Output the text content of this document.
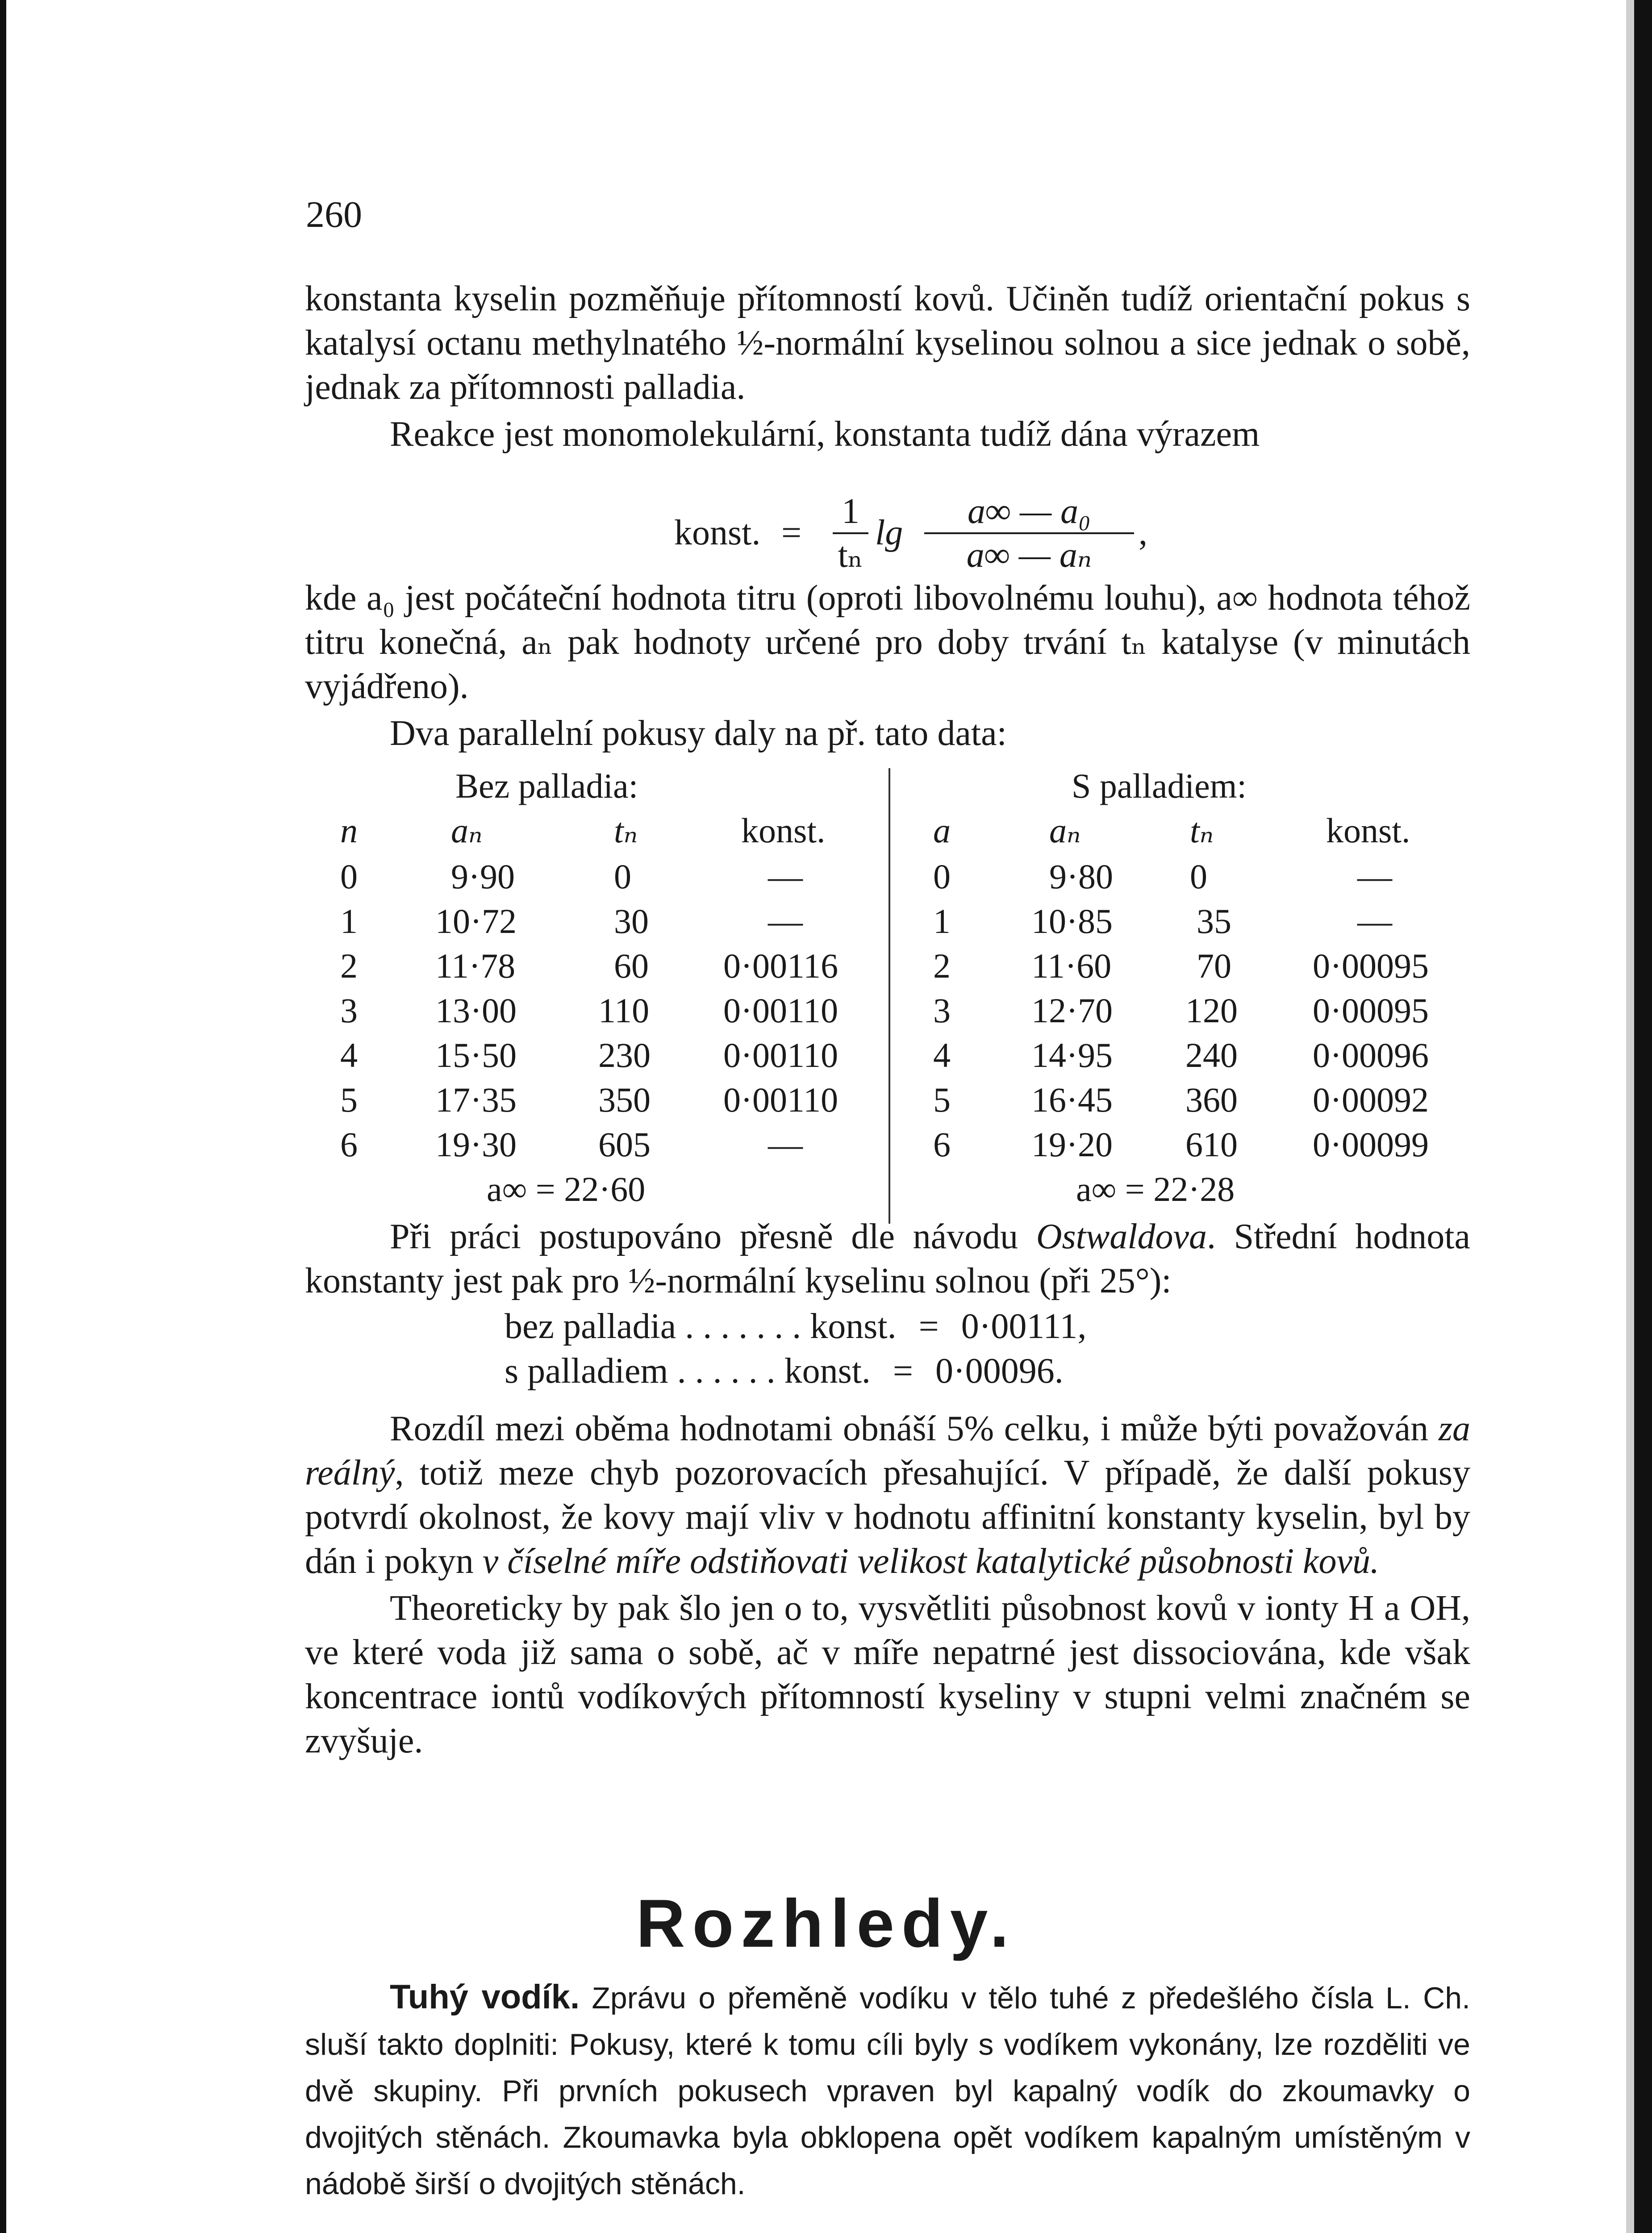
260

konstanta kyselin pozměňuje přítomností kovů. Učiněn tudíž orientační pokus s katalysí octanu methylnatého ½-normální kyselinou solnou a sice jednak o sobě, jednak za přítomnosti palladia.

Reakce jest monomolekulární, konstanta tudíž dána výrazem

konst. =
1
tₙ
lg
a∞ — a₀
a∞ — aₙ
,

kde a₀ jest počáteční hodnota titru (oproti libovolnému louhu), a∞ hodnota téhož titru konečná, aₙ pak hodnoty určené pro doby trvání tₙ katalyse (v minutách vyjádřeno).

Dva parallelní pokusy daly na př. tato data:

Bez palladia:	S palladiem:
n	aₙ	tₙ	konst.	a	aₙ	tₙ	konst.
0	9·90	0	—	0	9·80 0	—
1 10·72	30	—	1 10·85 35	—
2 11·78	60 0·00116	2 11·60 70 0·00095
3 13·00 110 0·00110	3 12·70 120 0·00095
4 15·50 230 0·00110	4 14·95 240 0·00096
5 17·35 350 0·00110	5 16·45 360 0·00092
6 19·30 605	—	6 19·20 610 0·00099
a∞ = 22·60	a∞ = 22·28

Při práci postupováno přesně dle návodu Ostwaldova. Střední hodnota konstanty jest pak pro ½-normální kyselinu solnou (při 25°):

bez palladia . . . . . . . konst. = 0·00111,
s palladiem . . . . . . konst. = 0·00096.

Rozdíl mezi oběma hodnotami obnáší 5% celku, i může býti považován za reálný, totiž meze chyb pozorovacích přesahující. V případě, že další pokusy potvrdí okolnost, že kovy mají vliv v hodnotu affinitní konstanty kyselin, byl by dán i pokyn v číselné míře odstiňovati velikost katalytické působnosti kovů.

Theoreticky by pak šlo jen o to, vysvětliti působnost kovů v ionty H a OH, ve které voda již sama o sobě, ač v míře nepatrné jest dissociována, kde však koncentrace iontů vodíkových přítomností kyseliny v stupni velmi značném se zvyšuje.

Rozhledy.

Tuhý vodík. Zprávu o přeměně vodíku v tělo tuhé z předešlého čísla L. Ch. sluší takto doplniti: Pokusy, které k tomu cíli byly s vodíkem vykonány, lze rozděliti ve dvě skupiny. Při prvních pokusech vpraven byl kapalný vodík do zkoumavky o dvojitých stěnách. Zkoumavka byla obklopena opět vodíkem kapalným umístěným v nádobě širší o dvojitých stěnách.
